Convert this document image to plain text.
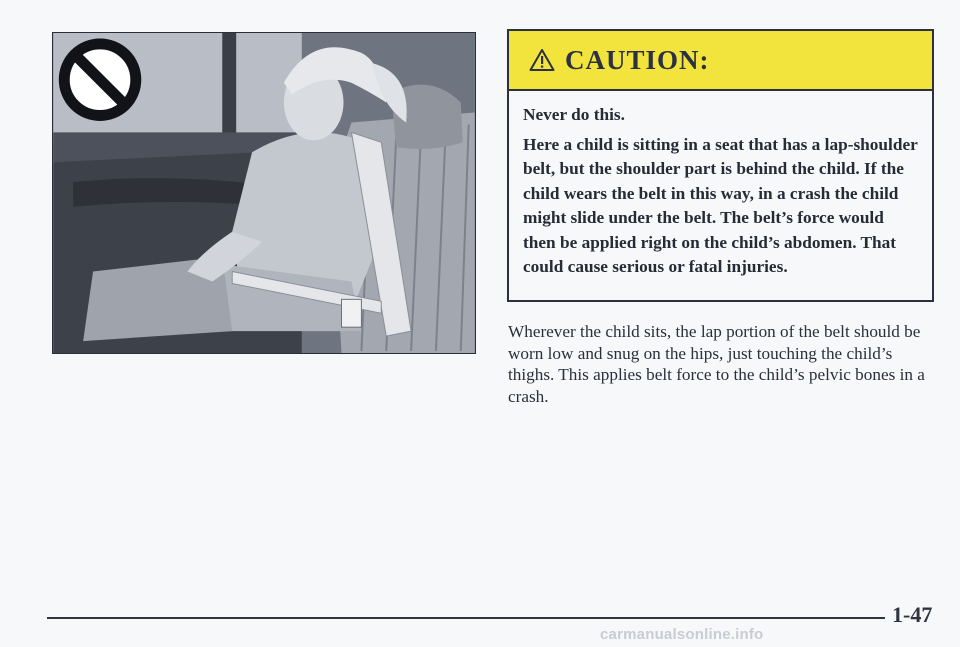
CAUTION:

Never do this.

Here a child is sitting in a seat that has a lap-shoulder belt, but the shoulder part is behind the child. If the child wears the belt in this way, in a crash the child might slide under the belt. The belt’s force would then be applied right on the child’s abdomen. That could cause serious or fatal injuries.

Wherever the child sits, the lap portion of the belt should be worn low and snug on the hips, just touching the child’s thighs. This applies belt force to the child’s pelvic bones in a crash.

1-47
carmanualsonline.info
